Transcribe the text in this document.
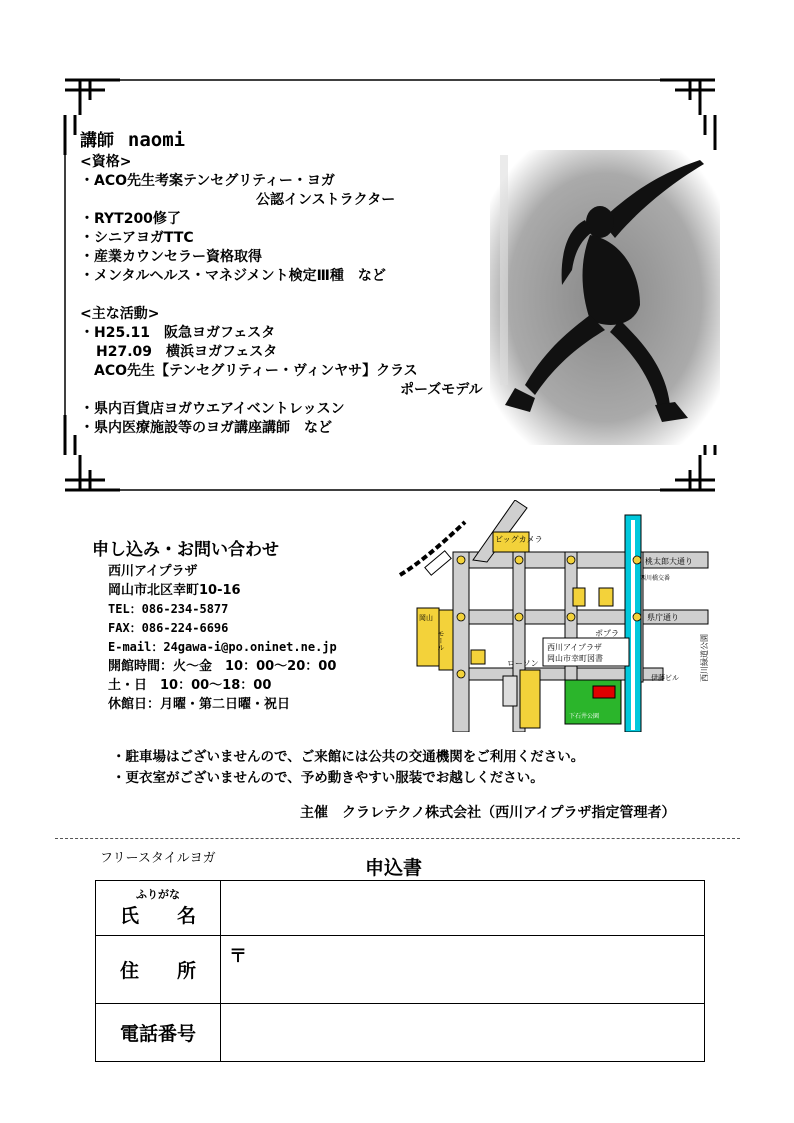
講師 naomi
<資格>
・ACO先生考案テンセグリティー・ヨガ
公認インストラクター
・RYT200修了
・シニアヨガTTC
・産業カウンセラー資格取得
・メンタルヘルス・マネジメント検定Ⅲ種　など
<主な活動>
・H25.11　阪急ヨガフェスタ
H27.09　横浜ヨガフェスタ
ACO先生【テンセグリティー・ヴィンヤサ】クラス
ポーズモデル
・県内百貨店ヨガウエアイベントレッスン
・県内医療施設等のヨガ講座講師　など
申し込み・お問い合わせ
西川アイプラザ
岡山市北区幸町10-16
TEL：086-234-5877
FAX：086-224-6696
E-mail：24gawa-i@po.oninet.ne.jp
開館時間：火～金　10：00～20：00
土・日　10：00～18：00
休館日：月曜・第二日曜・祝日
ビッグカメラ
岡山
モール	西川アイプラザ
岡山市幸町図書
下石井公園
桃太郎大通り
県庁通り
西川橋交番
ポプラ
ローソン
伊藤ビル	西川緑道公園
・駐車場はございませんので、ご来館には公共の交通機関をご利用ください。
・更衣室がございませんので、予め動きやすい服装でお越しください。
主催　クラレテクノ株式会社（西川アイプラザ指定管理者）
フリースタイルヨガ	申込書
ふりがな
氏　　名	

住　　所	〒
電話番号	
